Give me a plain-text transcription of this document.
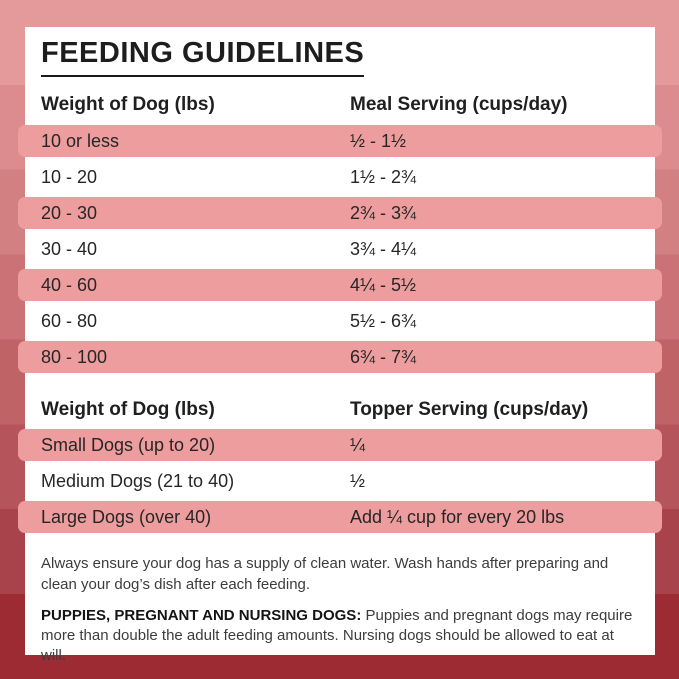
FEEDING GUIDELINES
Weight of Dog (lbs)	Meal Serving (cups/day)
10 or less	½ - 1½
10 - 20	1½ - 2¾
20 - 30	2¾ - 3¾
30 - 40	3¾ - 4¼
40 - 60	4¼ - 5½
60 - 80	5½ - 6¾
80 - 100	6¾ - 7¾
Weight of Dog (lbs)	Topper Serving (cups/day)
Small Dogs (up to 20)	¼
Medium Dogs (21 to 40)	½
Large Dogs (over 40)	Add ¼ cup for every 20 lbs

Always ensure your dog has a supply of clean water. Wash hands after preparing and clean your dog’s dish after each feeding.

PUPPIES, PREGNANT AND NURSING DOGS: Puppies and pregnant dogs may require more than double the adult feeding amounts. Nursing dogs should be allowed to eat at will.
